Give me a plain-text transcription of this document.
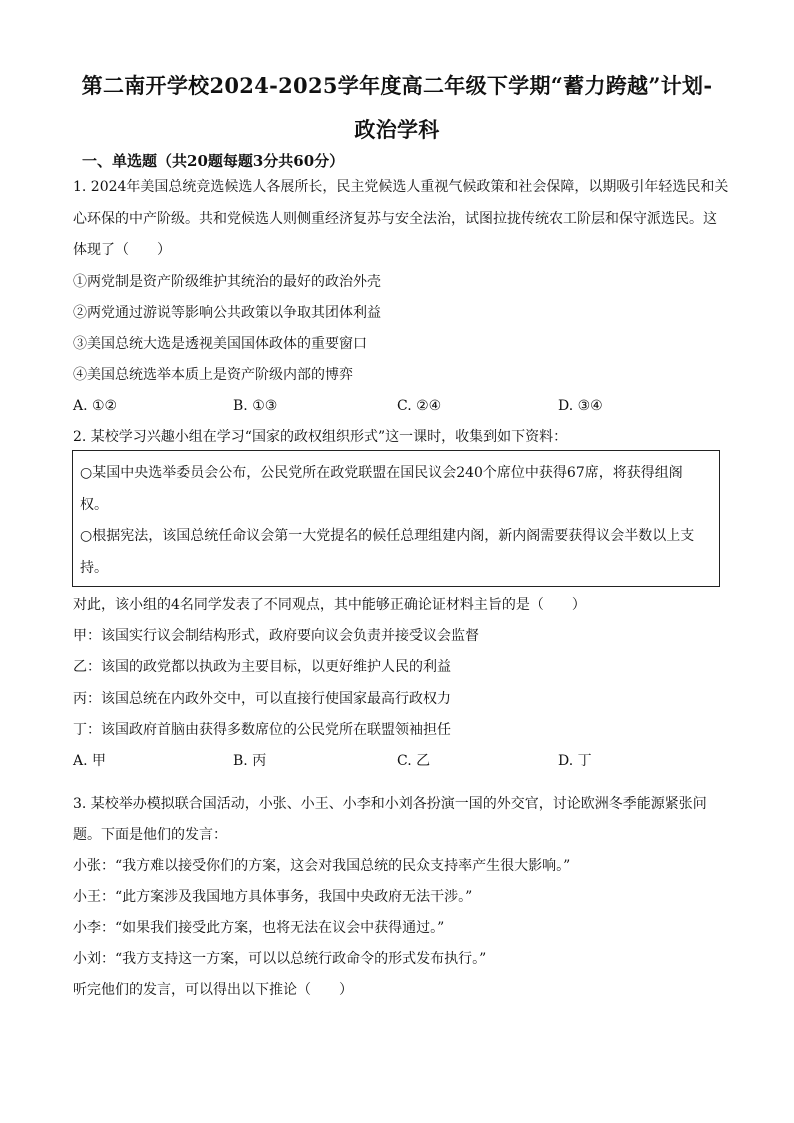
第二南开学校2024-2025学年度高二年级下学期“蓄力跨越”计划-
政治学科
一、单选题（共20题每题3分共60分）
1. 2024年美国总统竞选候选人各展所长，民主党候选人重视气候政策和社会保障，以期吸引年轻选民和关
心环保的中产阶级。共和党候选人则侧重经济复苏与安全法治，试图拉拢传统农工阶层和保守派选民。这
体现了（　　）
①两党制是资产阶级维护其统治的最好的政治外壳
②两党通过游说等影响公共政策以争取其团体利益
③美国总统大选是透视美国国体政体的重要窗口
④美国总统选举本质上是资产阶级内部的博弈
A. ①②	B. ①③	C. ②④	D. ③④
2. 某校学习兴趣小组在学习“国家的政权组织形式”这一课时，收集到如下资料：
○某国中央选举委员会公布，公民党所在政党联盟在国民议会240个席位中获得67席，将获得组阁
权。
○根据宪法，该国总统任命议会第一大党提名的候任总理组建内阁，新内阁需要获得议会半数以上支
持。
对此，该小组的4名同学发表了不同观点，其中能够正确论证材料主旨的是（　　）
甲：该国实行议会制结构形式，政府要向议会负责并接受议会监督
乙：该国的政党都以执政为主要目标，以更好维护人民的利益
丙：该国总统在内政外交中，可以直接行使国家最高行政权力
丁：该国政府首脑由获得多数席位的公民党所在联盟领袖担任
A. 甲	B. 丙	C. 乙	D. 丁
3. 某校举办模拟联合国活动，小张、小王、小李和小刘各扮演一国的外交官，讨论欧洲冬季能源紧张问
题。下面是他们的发言：
小张：“我方难以接受你们的方案，这会对我国总统的民众支持率产生很大影响。”
小王：“此方案涉及我国地方具体事务，我国中央政府无法干涉。”
小李：“如果我们接受此方案，也将无法在议会中获得通过。”
小刘：“我方支持这一方案，可以以总统行政命令的形式发布执行。”
听完他们的发言，可以得出以下推论（　　）
